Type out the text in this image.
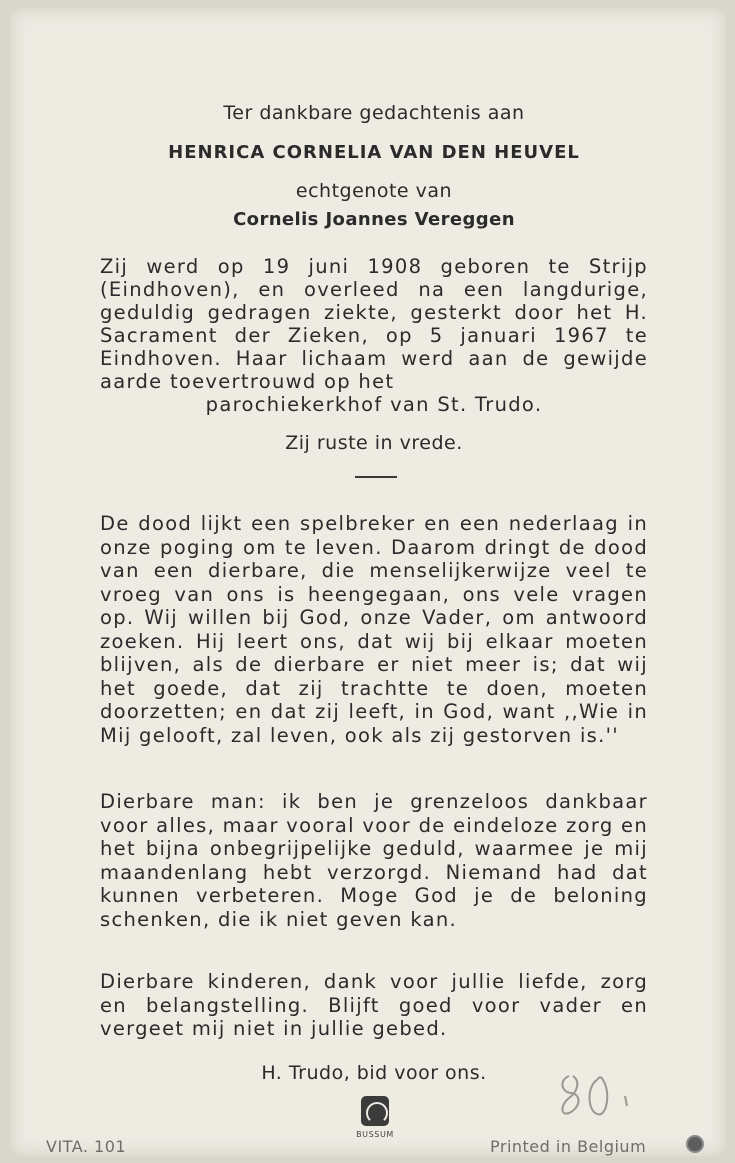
Ter dankbare gedachtenis aan
HENRICA CORNELIA VAN DEN HEUVEL
echtgenote van
Cornelis Joannes Vereggen
Zij werd op 19 juni 1908 geboren te Strijp (Eindhoven), en overleed na een langdurige, geduldig gedragen ziekte, gesterkt door het H. Sacrament der Zieken, op 5 januari 1967 te Eindhoven. Haar lichaam werd aan de gewijde aarde toevertrouwd op het
parochiekerkhof van St. Trudo.
Zij ruste in vrede.
De dood lijkt een spelbreker en een nederlaag in onze poging om te leven. Daarom dringt de dood van een dierbare, die menselijkerwijze veel te vroeg van ons is heengegaan, ons vele vragen op. Wij willen bij God, onze Vader, om antwoord zoeken. Hij leert ons, dat wij bij elkaar moeten blijven, als de dierbare er niet meer is; dat wij het goede, dat zij trachtte te doen, moeten doorzetten; en dat zij leeft, in God, want ,,Wie in Mij gelooft, zal leven, ook als zij gestorven is.''
Dierbare man: ik ben je grenzeloos dankbaar voor alles, maar vooral voor de eindeloze zorg en het bijna onbegrijpelijke geduld, waarmee je mij maandenlang hebt verzorgd. Niemand had dat kunnen verbeteren. Moge God je de beloning schenken, die ik niet geven kan.
Dierbare kinderen, dank voor jullie liefde, zorg en belangstelling. Blijft goed voor vader en vergeet mij niet in jullie gebed.
H. Trudo, bid voor ons.
VITA. 101
BUSSUM
Printed in Belgium
